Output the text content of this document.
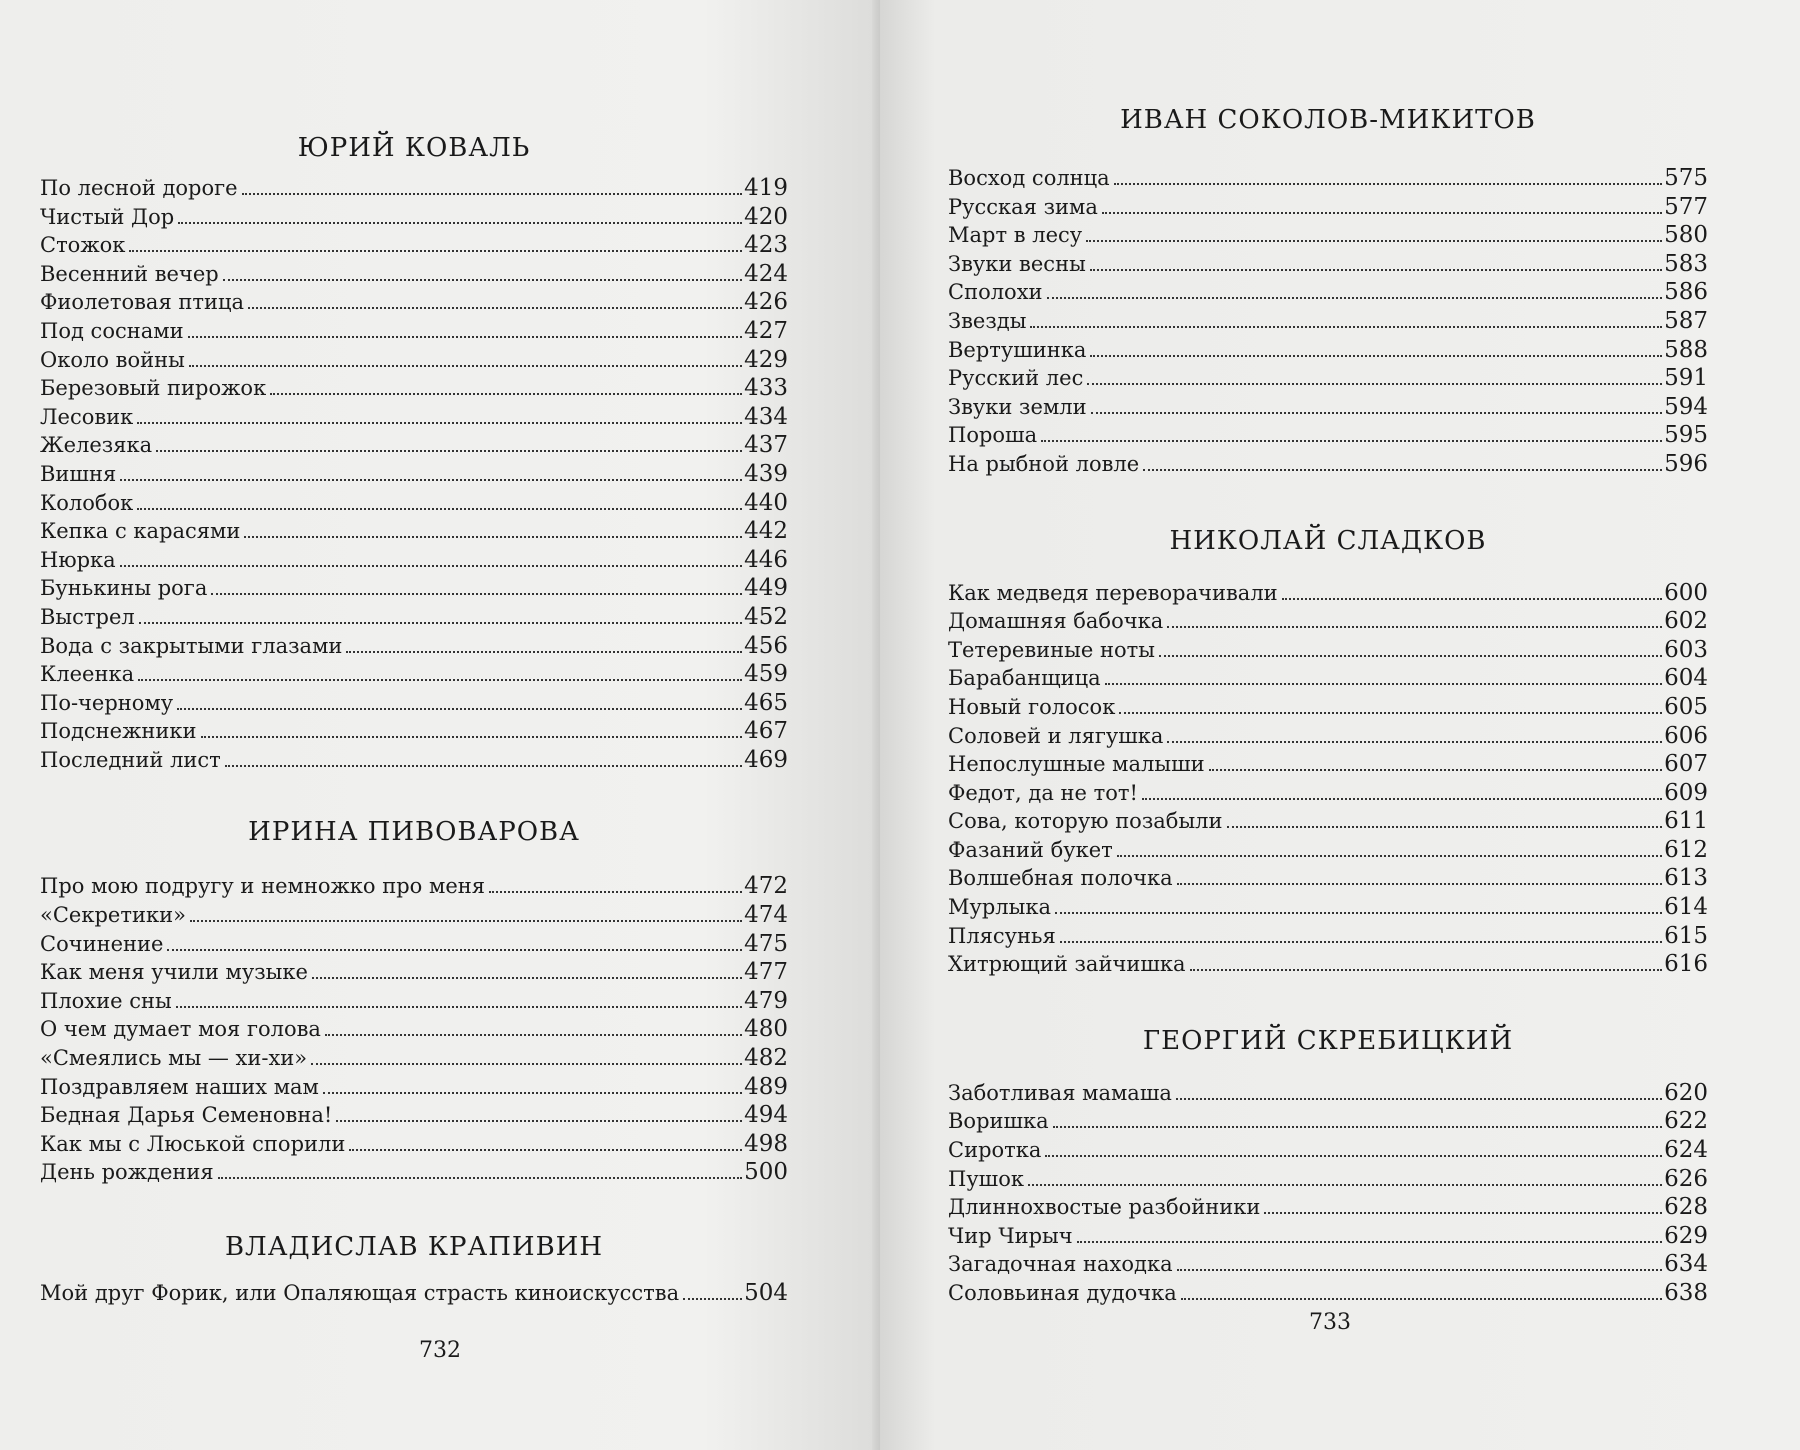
ЮРИЙ КОВАЛЬ
По лесной дороге	419
Чистый Дор	420
Стожок	423
Весенний вечер	424
Фиолетовая птица	426
Под соснами	427
Около войны	429
Березовый пирожок	433
Лесовик	434
Железяка	437
Вишня	439
Колобок	440
Кепка с карасями	442
Нюрка	446
Бунькины рога	449
Выстрел	452
Вода с закрытыми глазами	456
Клеенка	459
По-черному	465
Подснежники	467
Последний лист	469
ИРИНА ПИВОВАРОВА
Про мою подругу и немножко про меня	472
«Секретики»	474
Сочинение	475
Как меня учили музыке	477
Плохие сны	479
О чем думает моя голова	480
«Смеялись мы — хи-хи»	482
Поздравляем наших мам	489
Бедная Дарья Семеновна!	494
Как мы с Люськой спорили	498
День рождения	500
ВЛАДИСЛАВ КРАПИВИН
Мой друг Форик, или Опаляющая страсть киноискусства	504
732
ИВАН СОКОЛОВ-МИКИТОВ
Восход солнца	575
Русская зима	577
Март в лесу	580
Звуки весны	583
Сполохи	586
Звезды	587
Вертушинка	588
Русский лес	591
Звуки земли	594
Пороша	595
На рыбной ловле	596
НИКОЛАЙ СЛАДКОВ
Как медведя переворачивали	600
Домашняя бабочка	602
Тетеревиные ноты	603
Барабанщица	604
Новый голосок	605
Соловей и лягушка	606
Непослушные малыши	607
Федот, да не тот!	609
Сова, которую позабыли	611
Фазаний букет	612
Волшебная полочка	613
Мурлыка	614
Плясунья	615
Хитрющий зайчишка	616
ГЕОРГИЙ СКРЕБИЦКИЙ
Заботливая мамаша	620
Воришка	622
Сиротка	624
Пушок	626
Длиннохвостые разбойники	628
Чир Чирыч	629
Загадочная находка	634
Соловьиная дудочка	638
733
